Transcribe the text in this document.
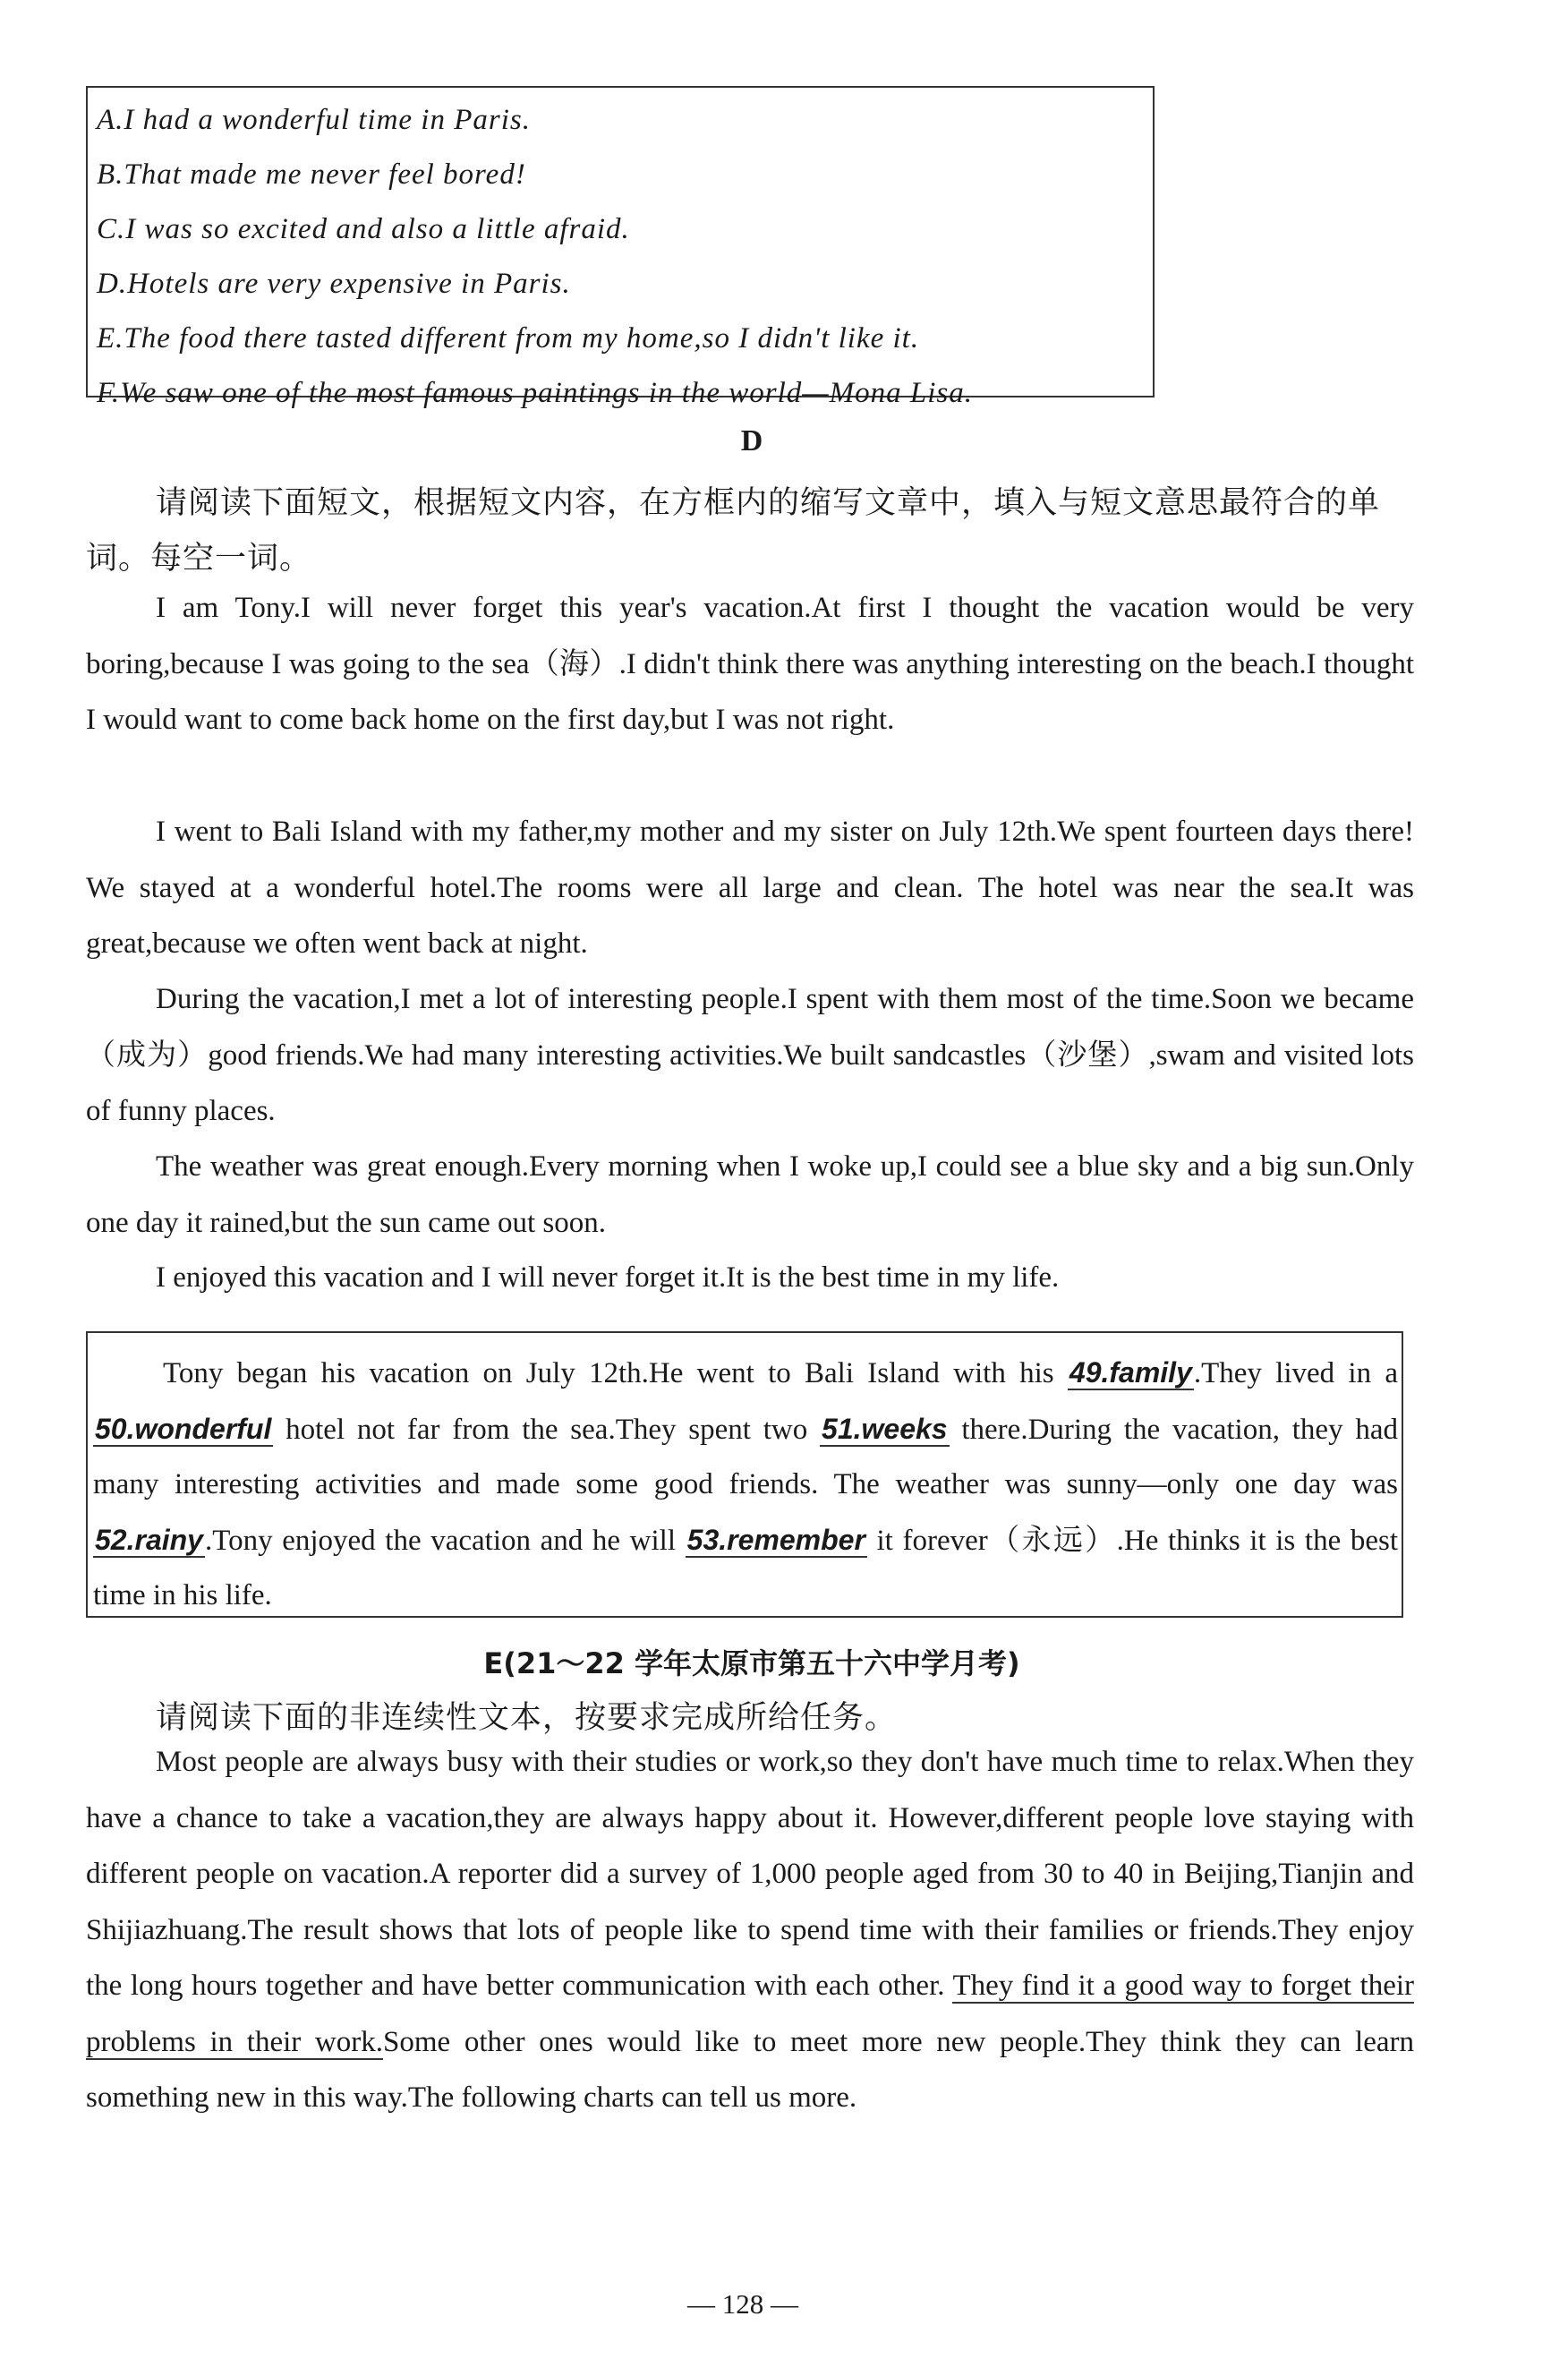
A.I had a wonderful time in Paris.
B.That made me never feel bored!
C.I was so excited and also a little afraid.
D.Hotels are very expensive in Paris.
E.The food there tasted different from my home,so I didn't like it.
F.We saw one of the most famous paintings in the world—Mona Lisa.
D
请阅读下面短文，根据短文内容，在方框内的缩写文章中，填入与短文意思最符合的单
词。每空一词。

I am Tony.I will never forget this year's vacation.At first I thought the vacation would be very boring,because I was going to the sea（海）.I didn't think there was anything interesting on the beach.I thought I would want to come back home on the first day,but I was not right.

I went to Bali Island with my father,my mother and my sister on July 12th.We spent fourteen days there! We stayed at a wonderful hotel.The rooms were all large and clean. The hotel was near the sea.It was great,because we often went back at night.

During the vacation,I met a lot of interesting people.I spent with them most of the time.Soon we became（成为）good friends.We had many interesting activities.We built sandcastles（沙堡）,swam and visited lots of funny places.

The weather was great enough.Every morning when I woke up,I could see a blue sky and a big sun.Only one day it rained,but the sun came out soon.

I enjoyed this vacation and I will never forget it.It is the best time in my life.

Tony began his vacation on July 12th.He went to Bali Island with his 49.family.They lived in a 50.wonderful hotel not far from the sea.They spent two 51.weeks there.During the vacation, they had many interesting activities and made some good friends. The weather was sunny—only one day was 52.rainy.Tony enjoyed the vacation and he will 53.remember it forever（永远）.He thinks it is the best time in his life.

E(21～22 学年太原市第五十六中学月考)
请阅读下面的非连续性文本，按要求完成所给任务。

Most people are always busy with their studies or work,so they don't have much time to relax.When they have a chance to take a vacation,they are always happy about it. However,different people love staying with different people on vacation.A reporter did a survey of 1,000 people aged from 30 to 40 in Beijing,Tianjin and Shijiazhuang.The result shows that lots of people like to spend time with their families or friends.They enjoy the long hours together and have better communication with each other. They find it a good way to forget their problems in their work.Some other ones would like to meet more new people.They think they can learn something new in this way.The following charts can tell us more.

— 128 —
